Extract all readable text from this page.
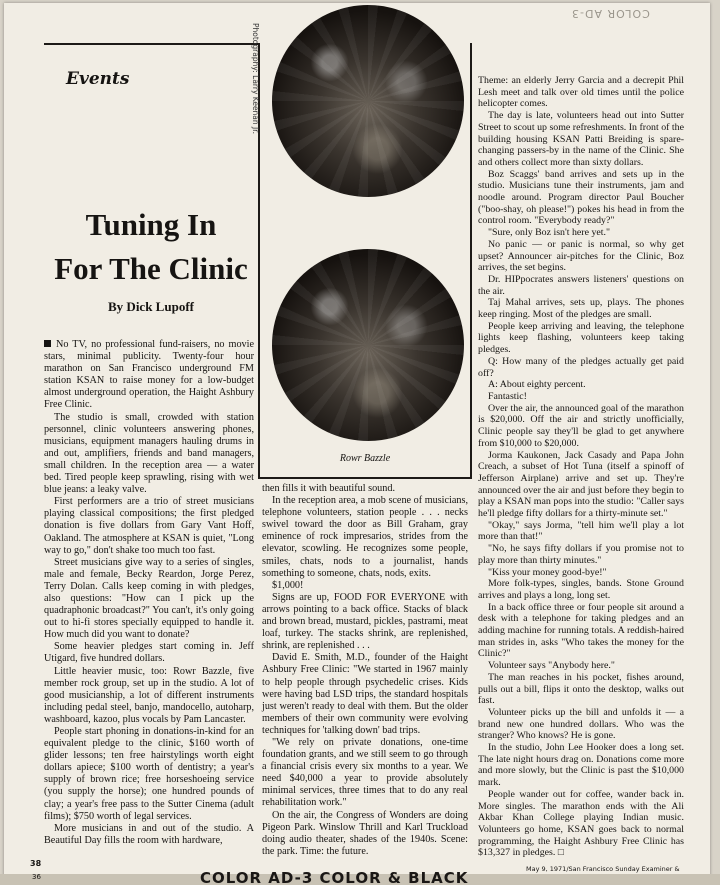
COLOR AD-3
Events
Tuning In
For The Clinic
By Dick Lupoff
Photography: Larry Keenan Jr.
Rowr Bazzle

No TV, no professional fund-raisers, no movie stars, minimal publicity. Twenty-four hour marathon on San Francisco underground FM station KSAN to raise money for a low-budget almost underground operation, the Haight Ashbury Free Clinic.

The studio is small, crowded with station personnel, clinic volunteers answering phones, musicians, equipment managers hauling drums in and out, amplifiers, friends and band managers, small children. In the reception area — a water bed. Tired people keep sprawling, rising with wet blue jeans: a leaky valve.

First performers are a trio of street musicians playing classical compositions; the first pledged donation is five dollars from Gary Vant Hoff, Oakland. The atmosphere at KSAN is quiet, "Long way to go," don't shake too much too fast.

Street musicians give way to a series of singles, male and female, Becky Reardon, Jorge Perez, Terry Dolan. Calls keep coming in with pledges, also questions: "How can I pick up the quadraphonic broadcast?" You can't, it's only going out to hi-fi stores specially equipped to handle it. How much did you want to donate?

Some heavier pledges start coming in. Jeff Utigard, five hundred dollars.

Little heavier music, too: Rowr Bazzle, five member rock group, set up in the studio. A lot of good musicianship, a lot of different instruments including pedal steel, banjo, mandocello, autoharp, washboard, kazoo, plus vocals by Pam Lancaster.

People start phoning in donations-in-kind for an equivalent pledge to the clinic, $160 worth of glider lessons; ten free hairstylings worth eight dollars apiece; $100 worth of dentistry; a year's supply of brown rice; free horseshoeing service (you supply the horse); one hundred pounds of clay; a year's free pass to the Sutter Cinema (adult films); $750 worth of legal services.

More musicians in and out of the studio. A Beautiful Day fills the room with hardware,

then fills it with beautiful sound.

In the reception area, a mob scene of musicians, telephone volunteers, station people . . . necks swivel toward the door as Bill Graham, gray eminence of rock impresarios, strides from the elevator, scowling. He recognizes some people, smiles, chats, nods to a journalist, hands something to someone, chats, nods, exits.

$1,000!

Signs are up, FOOD FOR EVERYONE with arrows pointing to a back office. Stacks of black and brown bread, mustard, pickles, pastrami, meat loaf, turkey. The stacks shrink, are replenished, shrink, are replenished . . .

David E. Smith, M.D., founder of the Haight Ashbury Free Clinic: "We started in 1967 mainly to help people through psychedelic crises. Kids were having bad LSD trips, the standard hospitals just weren't ready to deal with them. But the older members of their own community were evolving techniques for 'talking down' bad trips.

"We rely on private donations, one-time foundation grants, and we still seem to go through a financial crisis every six months to a year. We need $40,000 a year to provide absolutely minimal services, three times that to do any real rehabilitation work."

On the air, the Congress of Wonders are doing Pigeon Park. Winslow Thrill and Karl Truckload doing audio theater, shades of the 1940s. Scene: the park. Time: the future.

Theme: an elderly Jerry Garcia and a decrepit Phil Lesh meet and talk over old times until the police helicopter comes.

The day is late, volunteers head out into Sutter Street to scout up some refreshments. In front of the building housing KSAN Patti Breiding is spare-changing passers-by in the name of the Clinic. She and others collect more than sixty dollars.

Boz Scaggs' band arrives and sets up in the studio. Musicians tune their instruments, jam and noodle around. Program director Paul Boucher ("boo-shay, oh please!") pokes his head in from the control room. "Everybody ready?"

"Sure, only Boz isn't here yet."

No panic — or panic is normal, so why get upset? Announcer air-pitches for the Clinic, Boz arrives, the set begins.

Dr. HIPpocrates answers listeners' questions on the air.

Taj Mahal arrives, sets up, plays. The phones keep ringing. Most of the pledges are small.

People keep arriving and leaving, the telephone lights keep flashing, volunteers keep taking pledges.

Q: How many of the pledges actually get paid off?

A: About eighty percent.

Fantastic!

Over the air, the announced goal of the marathon is $20,000. Off the air and strictly unofficially, Clinic people say they'll be glad to get anywhere from $10,000 to $20,000.

Jorma Kaukonen, Jack Casady and Papa John Creach, a subset of Hot Tuna (itself a spinoff of Jefferson Airplane) arrive and set up. They're announced over the air and just before they begin to play a KSAN man pops into the studio: "Caller says he'll pledge fifty dollars for a thirty-minute set."

"Okay," says Jorma, "tell him we'll play a lot more than that!"

"No, he says fifty dollars if you promise not to play more than thirty minutes."

"Kiss your money good-bye!"

More folk-types, singles, bands. Stone Ground arrives and plays a long, long set.

In a back office three or four people sit around a desk with a telephone for taking pledges and an adding machine for running totals. A reddish-haired man strides in, asks "Who takes the money for the Clinic?"

Volunteer says "Anybody here."

The man reaches in his pocket, fishes around, pulls out a bill, flips it onto the desktop, walks out fast.

Volunteer picks up the bill and unfolds it — a brand new one hundred dollars. Who was the stranger? Who knows? He is gone.

In the studio, John Lee Hooker does a long set. The late night hours drag on. Donations come more and more slowly, but the Clinic is past the $10,000 mark.

People wander out for coffee, wander back in. More singles. The marathon ends with the Ali Akbar Khan College playing Indian music. Volunteers go home, KSAN goes back to normal programming, the Haight Ashbury Free Clinic has $13,327 in pledges. □

38
May 9, 1971/San Francisco Sunday Examiner &
36	COLOR AD-3 COLOR & BLACK
